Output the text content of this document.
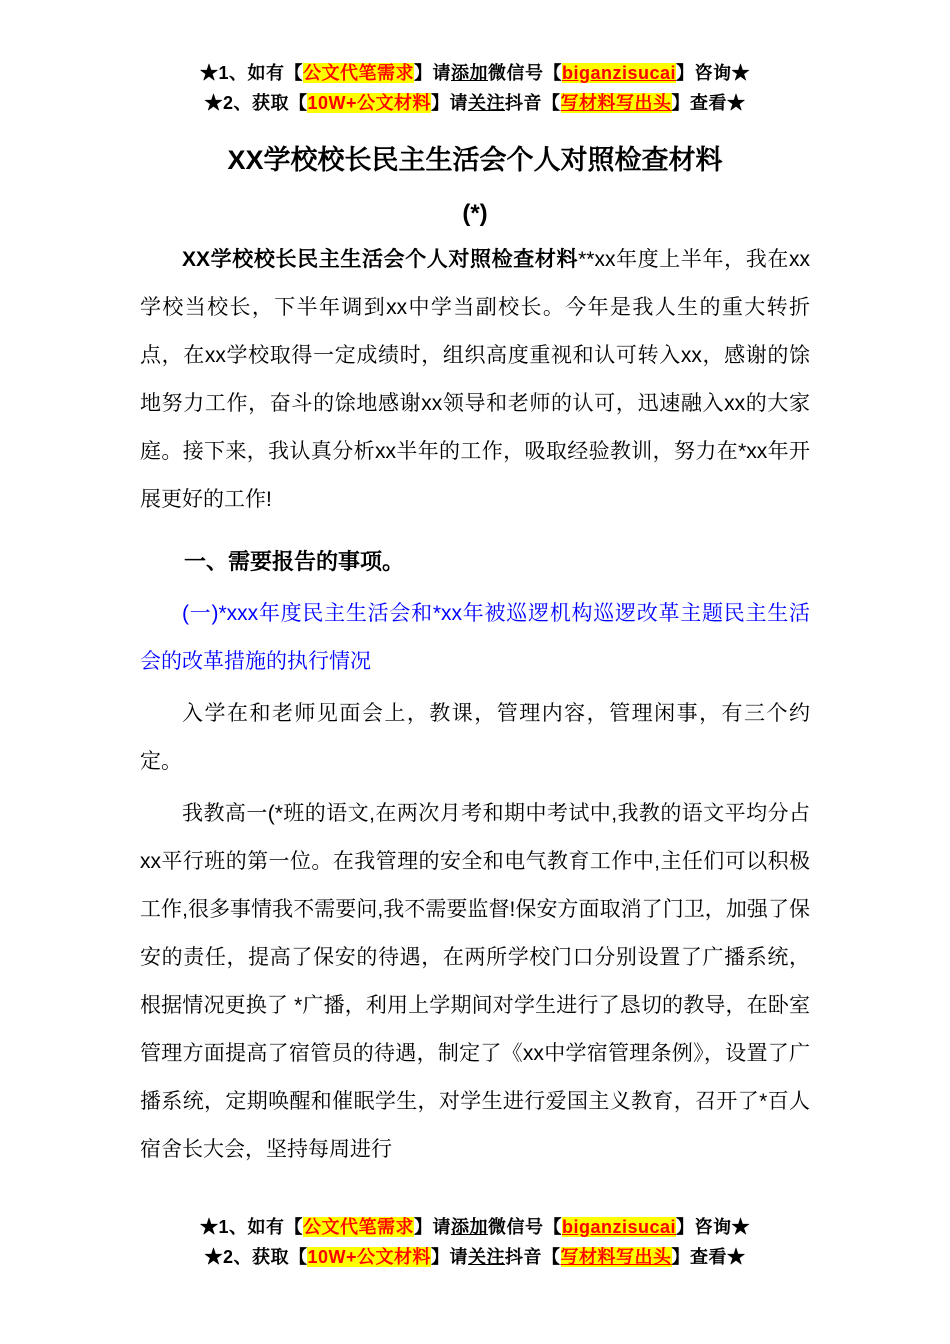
★1、如有【公文代笔需求】请添加微信号【biganzisucai】咨询★
★2、获取【10W+公文材料】请关注抖音【写材料写出头】查看★
XX学校校长民主生活会个人对照检查材料
(*)

XX学校校长民主生活会个人对照检查材料**xx年度上半年，我在xx学校当校长，下半年调到xx中学当副校长。今年是我人生的重大转折点，在xx学校取得一定成绩时，组织高度重视和认可转入xx，感谢的馀地努力工作，奋斗的馀地感谢xx领导和老师的认可，迅速融入xx的大家庭。接下来，我认真分析xx半年的工作，吸取经验教训，努力在*xx年开展更好的工作!

一、需要报告的事项。

(一)*xxx年度民主生活会和*xx年被巡逻机构巡逻改革主题民主生活会的改革措施的执行情况

入学在和老师见面会上，教课，管理内容，管理闲事，有三个约定。

我教高一(*班的语文,在两次月考和期中考试中,我教的语文平均分占xx平行班的第一位。在我管理的安全和电气教育工作中,主任们可以积极工作,很多事情我不需要问,我不需要监督!保安方面取消了门卫，加强了保安的责任，提高了保安的待遇，在两所学校门口分别设置了广播系统，根据情况更换了 *广播，利用上学期间对学生进行了恳切的教导，在卧室管理方面提高了宿管员的待遇，制定了《xx中学宿管理条例》，设置了广播系统，定期唤醒和催眠学生，对学生进行爱国主义教育，召开了*百人宿舍长大会，坚持每周进行

★1、如有【公文代笔需求】请添加微信号【biganzisucai】咨询★
★2、获取【10W+公文材料】请关注抖音【写材料写出头】查看★
